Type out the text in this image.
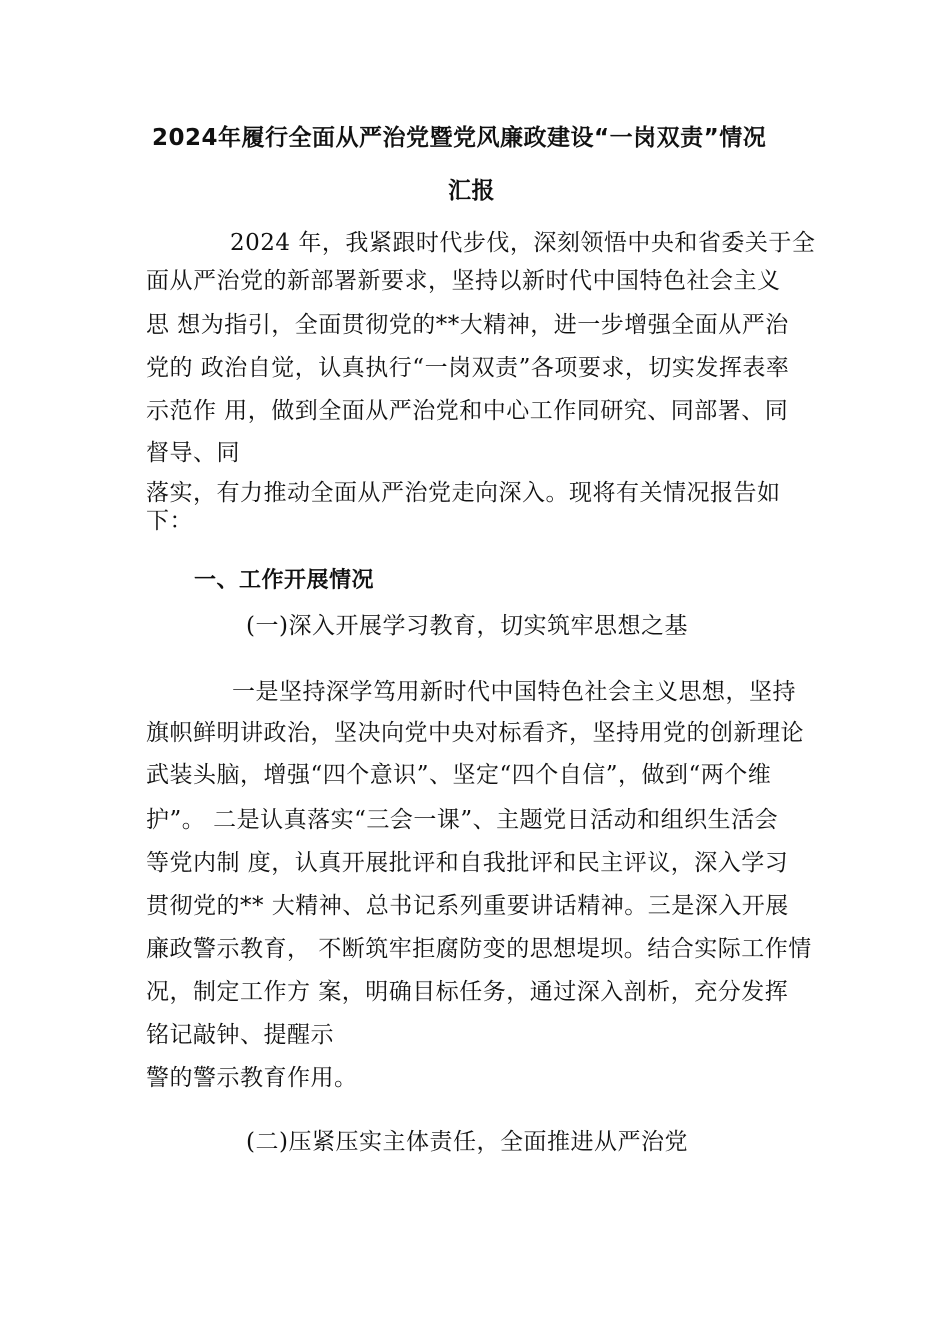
2024年履行全面从严治党暨党风廉政建设“一岗双责”情况
汇报
2024 年，我紧跟时代步伐，深刻领悟中央和省委关于全
面从严治党的新部署新要求，坚持以新时代中国特色社会主义
思 想为指引，全面贯彻党的**大精神，进一步增强全面从严治
党的 政治自觉，认真执行“一岗双责”各项要求，切实发挥表率
示范作 用，做到全面从严治党和中心工作同研究、同部署、同
督导、同
落实，有力推动全面从严治党走向深入。现将有关情况报告如
下：
一、工作开展情况
(一)深入开展学习教育，切实筑牢思想之基
一是坚持深学笃用新时代中国特色社会主义思想，坚持
旗帜鲜明讲政治，坚决向党中央对标看齐，坚持用党的创新理论
武装头脑，增强“四个意识”、坚定“四个自信”，做到“两个维
护”。 二是认真落实“三会一课”、主题党日活动和组织生活会
等党内制 度，认真开展批评和自我批评和民主评议，深入学习
贯彻党的** 大精神、总书记系列重要讲话精神。三是深入开展
廉政警示教育， 不断筑牢拒腐防变的思想堤坝。结合实际工作情
况，制定工作方 案，明确目标任务，通过深入剖析，充分发挥
铭记敲钟、提醒示
警的警示教育作用。
(二)压紧压实主体责任，全面推进从严治党
